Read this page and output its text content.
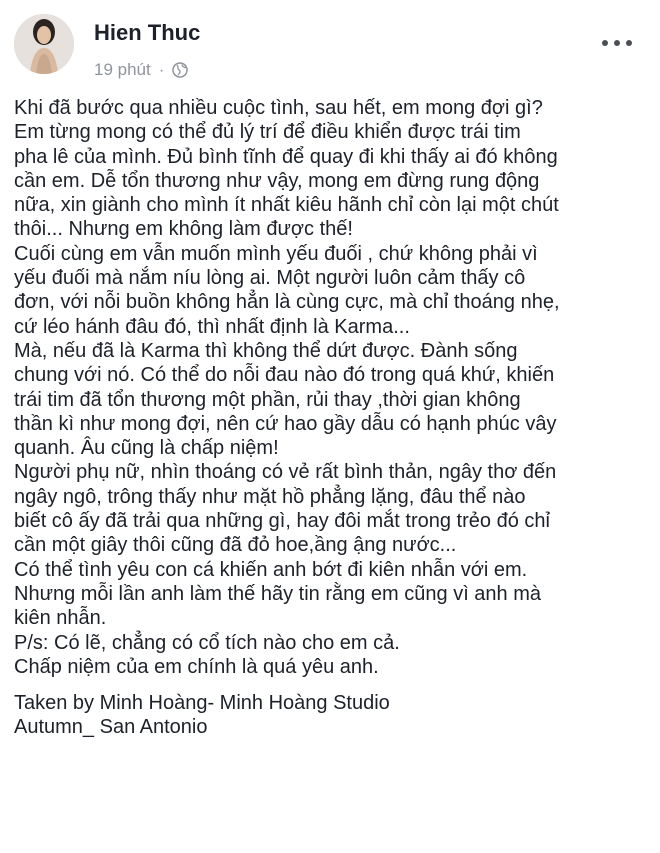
Hien Thuc
19 phút ·
Khi đã bước qua nhiều cuộc tình, sau hết, em mong đợi gì?
Em từng mong có thể đủ lý trí để điều khiển được trái tim
pha lê của mình. Đủ bình tĩnh để quay đi khi thấy ai đó không
cần em. Dễ tổn thương như vậy, mong em đừng rung động
nữa, xin giành cho mình ít nhất kiêu hãnh chỉ còn lại một chút
thôi... Nhưng em không làm được thế!
Cuối cùng em vẫn muốn mình yếu đuối , chứ không phải vì
yếu đuối mà nắm níu lòng ai. Một người luôn cảm thấy cô
đơn, với nỗi buồn không hẳn là cùng cực, mà chỉ thoáng nhẹ,
cứ léo hánh đâu đó, thì nhất định là Karma...
Mà, nếu đã là Karma thì không thể dứt được. Đành sống
chung với nó. Có thể do nỗi đau nào đó trong quá khứ, khiến
trái tim đã tổn thương một phần, rủi thay ,thời gian không
thần kì như mong đợi, nên cứ hao gầy dẫu có hạnh phúc vây
quanh. Âu cũng là chấp niệm!
Người phụ nữ, nhìn thoáng có vẻ rất bình thản, ngây thơ đến
ngây ngô, trông thấy như mặt hồ phẳng lặng, đâu thể nào
biết cô ấy đã trải qua những gì, hay đôi mắt trong trẻo đó chỉ
cần một giây thôi cũng đã đỏ hoe,ầng ậng nước...
Có thể tình yêu con cá khiến anh bớt đi kiên nhẫn với em.
Nhưng mỗi lần anh làm thế hãy tin rằng em cũng vì anh mà
kiên nhẫn.
P/s: Có lẽ, chẳng có cổ tích nào cho em cả.
Chấp niệm của em chính là quá yêu anh.
Taken by Minh Hoàng- Minh Hoàng Studio
Autumn_ San Antonio
